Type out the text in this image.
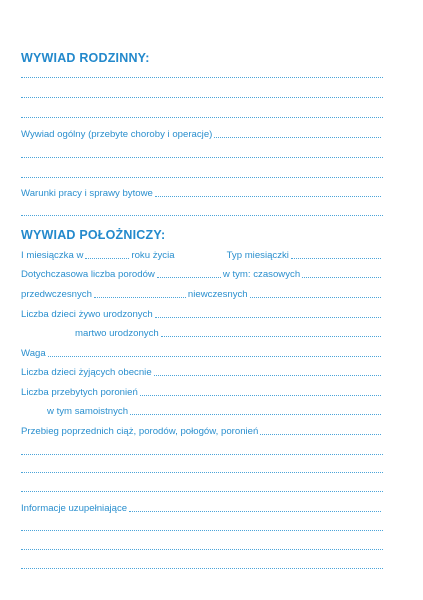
WYWIAD RODZINNY:
Wywiad ogólny (przebyte choroby i operacje)
Warunki pracy i sprawy bytowe
WYWIAD POŁOŻNICZY:
I miesiączka w	roku życia	Typ miesiączki
Dotychczasowa liczba porodów	w tym: czasowych
przedwczesnych	niewczesnych
Liczba dzieci żywo urodzonych
martwo urodzonych
Waga
Liczba dzieci żyjących obecnie
Liczba przebytych poronień
w tym samoistnych
Przebieg poprzednich ciąż, porodów, połogów, poronień
Informacje uzupełniające
